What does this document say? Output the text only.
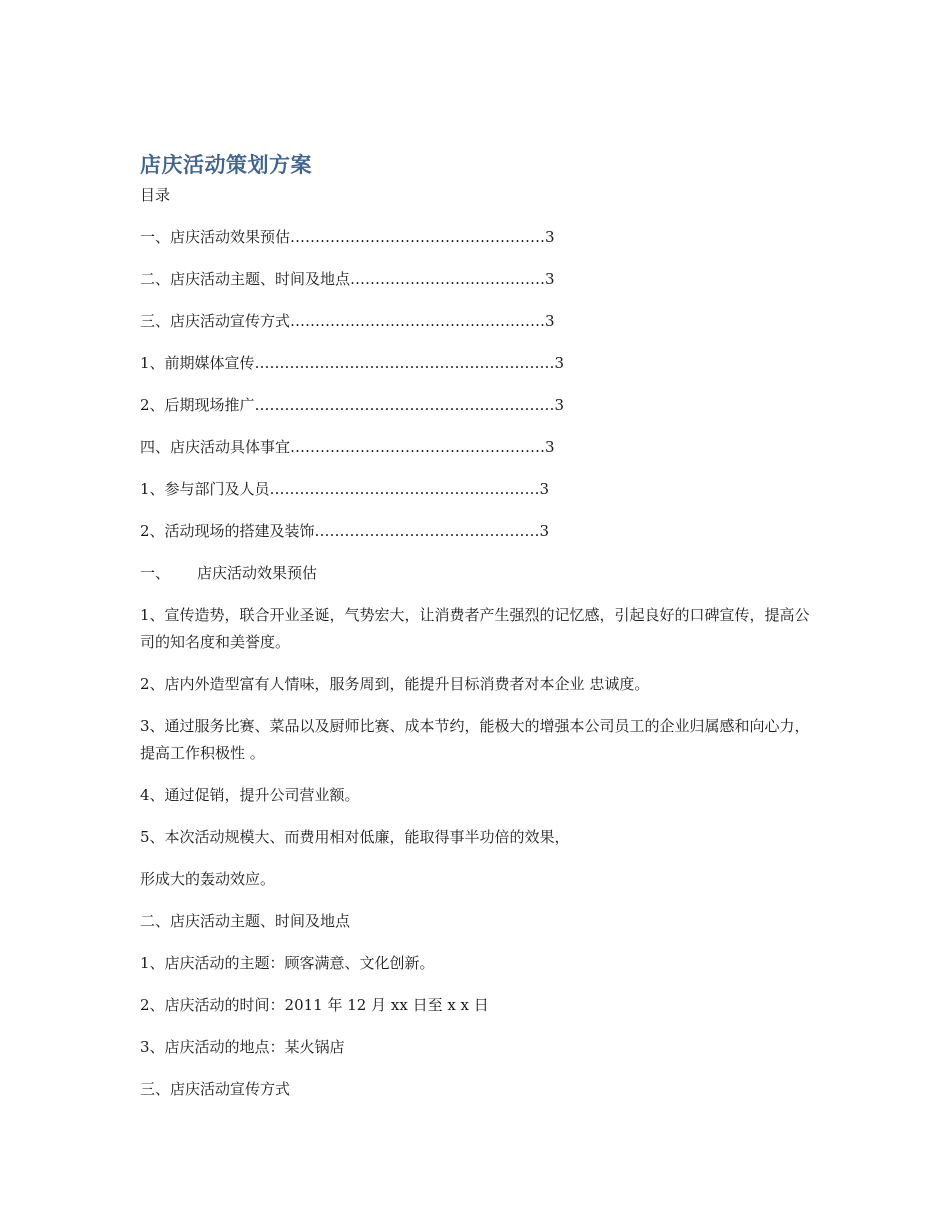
店庆活动策划方案
目录
一、店庆活动效果预估……………………………………………3
二、店庆活动主题、时间及地点…………………………………3
三、店庆活动宣传方式……………………………………………3
1、前期媒体宣传……………………………………………………3
2、后期现场推广……………………………………………………3
四、店庆活动具体事宜……………………………………………3
1、参与部门及人员………………………………………………3
2、活动现场的搭建及装饰………………………………………3
一、 店庆活动效果预估
1、宣传造势，联合开业圣诞，气势宏大，让消费者产生强烈的记忆感，引起良好的口碑宣传，提高公司的知名度和美誉度。
2、店内外造型富有人情味，服务周到，能提升目标消费者对本企业 忠诚度。
3、通过服务比赛、菜品以及厨师比赛、成本节约，能极大的增强本公司员工的企业归属感和向心力，提高工作积极性 。
4、通过促销，提升公司营业额。
5、本次活动规模大、而费用相对低廉，能取得事半功倍的效果，
形成大的轰动效应。
二、店庆活动主题、时间及地点
1、店庆活动的主题：顾客满意、文化创新。
2、店庆活动的时间：2011 年 12 月 xx 日至 x x 日
3、店庆活动的地点：某火锅店
三、店庆活动宣传方式
